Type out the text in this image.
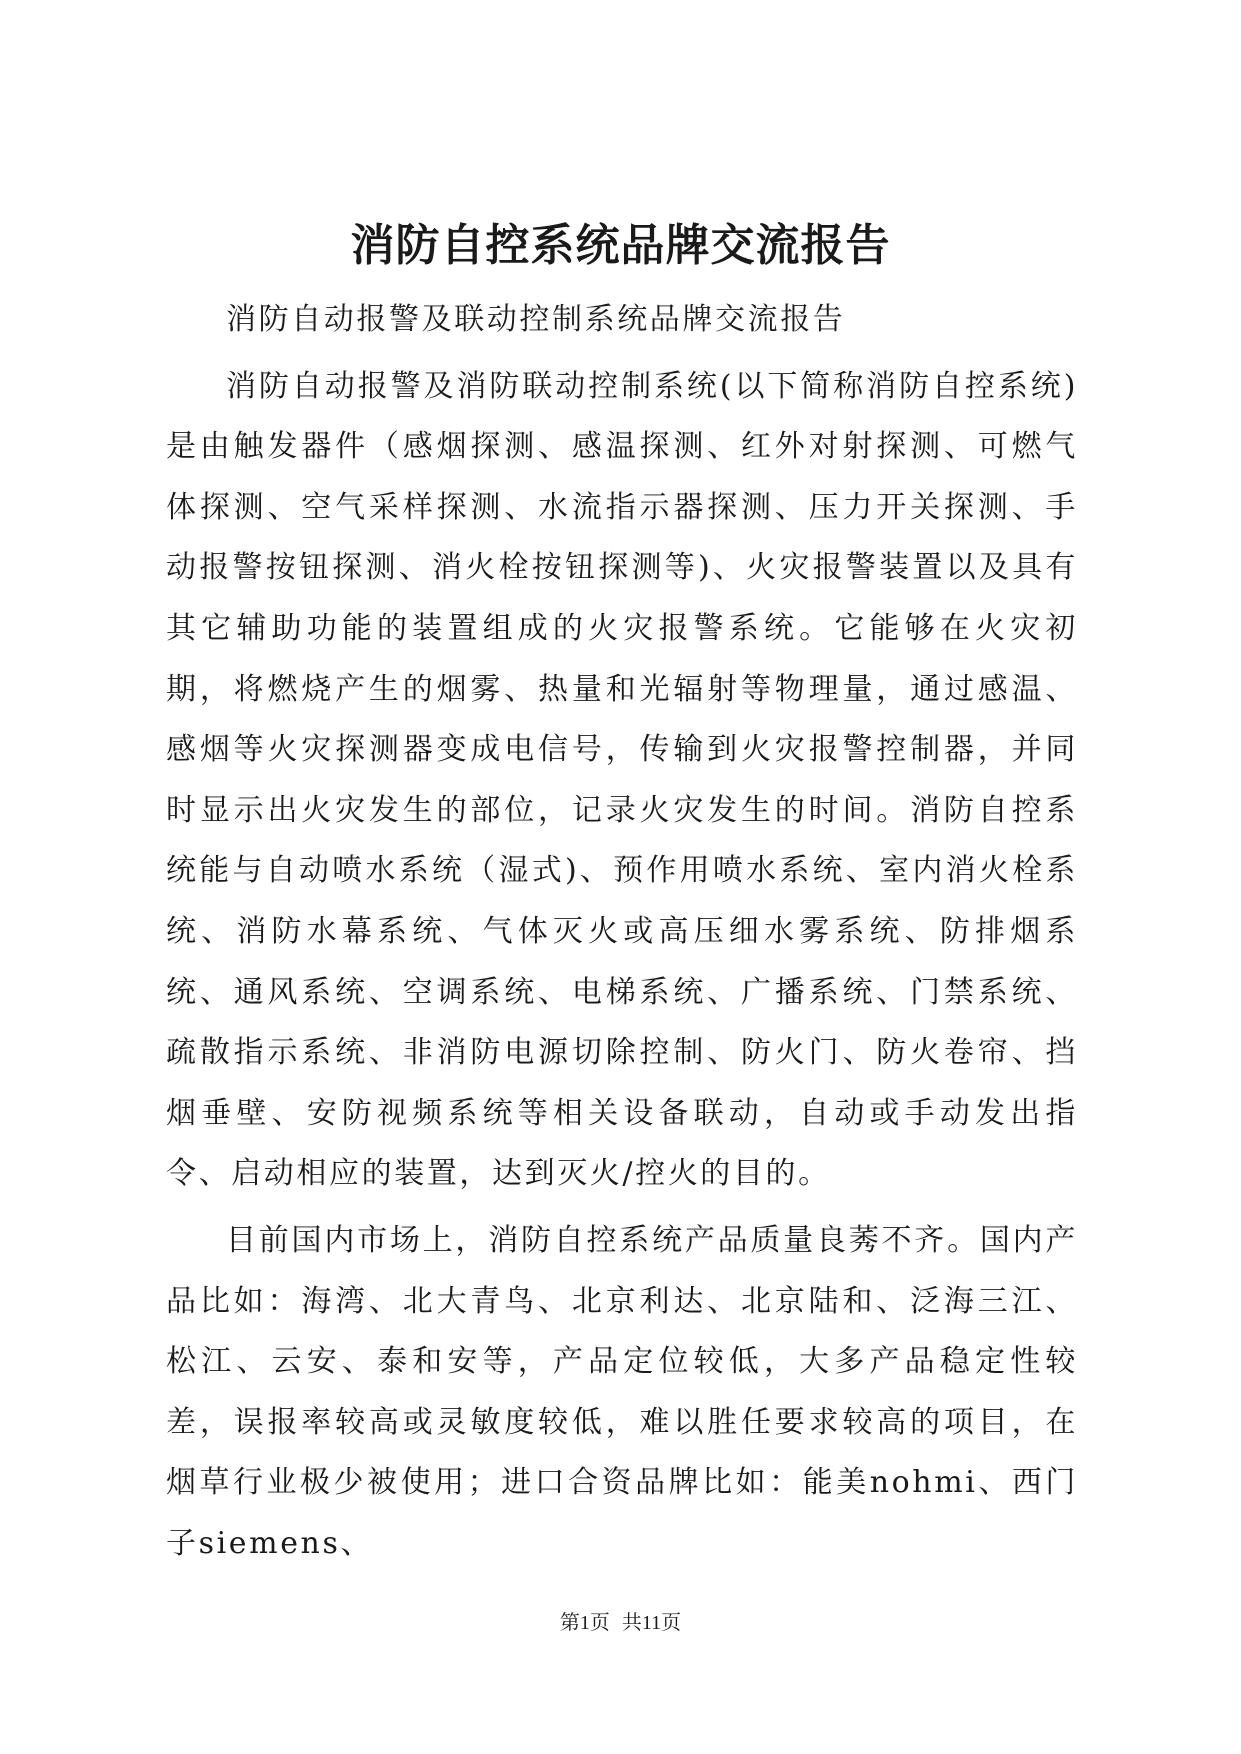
消防自控系统品牌交流报告

消防自动报警及联动控制系统品牌交流报告

消防自动报警及消防联动控制系统(以下简称消防自控系统)是由触发器件（感烟探测、感温探测、红外对射探测、可燃气体探测、空气采样探测、水流指示器探测、压力开关探测、手动报警按钮探测、消火栓按钮探测等)、火灾报警装置以及具有其它辅助功能的装置组成的火灾报警系统。它能够在火灾初期，将燃烧产生的烟雾、热量和光辐射等物理量，通过感温、感烟等火灾探测器变成电信号，传输到火灾报警控制器，并同时显示出火灾发生的部位，记录火灾发生的时间。消防自控系统能与自动喷水系统（湿式)、预作用喷水系统、室内消火栓系统、消防水幕系统、气体灭火或高压细水雾系统、防排烟系统、通风系统、空调系统、电梯系统、广播系统、门禁系统、疏散指示系统、非消防电源切除控制、防火门、防火卷帘、挡烟垂壁、安防视频系统等相关设备联动，自动或手动发出指令、启动相应的装置，达到灭火/控火的目的。

目前国内市场上，消防自控系统产品质量良莠不齐。国内产品比如：海湾、北大青鸟、北京利达、北京陆和、泛海三江、松江、云安、泰和安等，产品定位较低，大多产品稳定性较差，误报率较高或灵敏度较低，难以胜任要求较高的项目，在烟草行业极少被使用；进口合资品牌比如：能美nohmi、西门子siemens、

第1页 共11页
